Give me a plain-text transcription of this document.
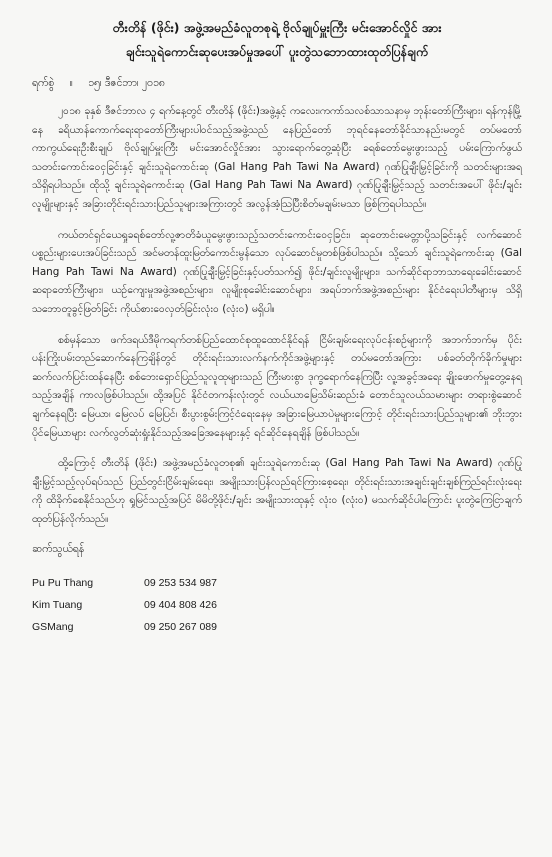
တီးတိန် (ဖိုင်း) အဖွဲ့အမည်ခံလူတစုရဲ့ ဗိုလ်ချုပ်မှူးကြီး မင်းအောင်လှိုင် အား
ချင်းသူရဲကောင်းဆုပေးအပ်မှုအပေါ် ပူးတွဲသဘောထားထုတ်ပြန်ချက်
ရက်စွဲ ။ ၁၅၊ ဒီဇင်ဘာ၊ ၂၀၁၈

၂၀၁၈ ခုနှစ် ဒီဇင်ဘာလ ၄ ရက်နေ့တွင် တီးတိန် (ဖိုင်း)အဖွဲ့နှင့် ကလေး၊ကကာ်သလစ်သာသနာမှ ဘုန်းတော်ကြီးများ၊ ရန်ကုန်မြို့နေ ခရိယာန်ကောက်ရေးရာတော်ကြီးများပါဝင်သည့်အဖွဲ့သည် နေပြည်တော် ဘုရင်နေတော်ခိုင်သာနည်းမတွင် တပ်မတော်ကာကွယ်ရေးဦးစီးချုပ် ဗိုလ်ချုပ်မှူးကြီး မင်းအောင်လှိုင်အား သွားရောက်တွေ့ဆုံပြီး ခရစ်တော်မွေးဖွားသည့် ပမ်းကြောက်ဖွယ်သတင်းကောင်းဝေငှခြင်းနှင့် ချင်းသူရဲကောင်းဆု (Gal Hang Pah Tawi Na Award) ဂုဏ်ပြုချီးမြှင့်ခြင်းကို သတင်းများအရသိရှိရပါသည်။ ထိုသို့ ချင်းသူရဲကောင်းဆု (Gal Hang Pah Tawi Na Award) ဂုဏ်ပြုချီးမြှင့်သည့် သတင်းအပေါ် ဖိုင်း/ချင်းလူမျိုးများနှင့် အခြားတိုင်းရင်းသားပြည်သူများအကြားတွင် အလွန်အံ့သြပြီးစိတ်မချမ်းမသာ ဖြစ်ကြရပါသည်။

ကယ်တင်ရှင်ယေရှုခရစ်တော်လူ့ဇာတိခံယူမွေးဖွားသည့်သတင်းကောင်းဝေငှခြင်း၊ ဆုတောင်းမေတ္တာပို့သခြင်းနှင့် လက်ဆောင်ပစ္စည်းများပေးအပ်ခြင်းသည် အင်မတန်ထူးမြတ်ကောင်းမွန်သော လုပ်ဆောင်မှုတစ်ဖြစ်ပါသည်။ သို့သော် ချင်းသူရဲကောင်းဆု (Gal Hang Pah Tawi Na Award) ဂုဏ်ပြုချီးမြှင့်ခြင်းနှင့်ပတ်သက်၍ ဖိုင်း/ချင်းလူမျိုးများ၊ သက်ဆိုင်ရာဘာသာရေးခေါင်းဆောင်ဆရာတော်ကြီးများ၊ ယဉ်ကျေးမှုအဖွဲ့အစည်းများ၊ လူမျိုးစုခေါင်းဆောင်များ၊ အရပ်ဘက်အဖွဲ့အစည်းများ နိုင်ငံရေးပါတီများမှ သိရှိသဘောတူခွင့်ဖြတ်ခြင်း ကိုယ်စားဝေလှတ်ခြင်းလုံး၀ (လုံး၀) မရှိပါ။

စစ်မှန်သော ဖက်ဒရယ်ဒီမိုကရက်တစ်ပြည်ထောင်စုထူထောင်နိုင်ရန် ငြိမ်းချမ်းရေးလုပ်ငန်းစဉ်များကို အဘက်ဘက်မှ ပိုင်းပန်းကြိုးပမ်းတည်ဆောက်နေကြချိန်တွင် တိုင်းရင်းသားလက်နက်ကိုင်အဖွဲ့များနှင့် တပ်မတော်အကြား ပစ်ခတ်တိုက်ခိုက်မှုများဆက်လက်ပြင်းထန်နေပြီး စစ်ဘေးရှောင်ပြည်သူလူထုများသည် ကြီးမားစွာ ဒုက္ခရောက်နေကြပြီး လူ့အခွင့်အရေး ချိုးဖောက်မှုတွေ့နေရသည့်အချိန် ကာလဖြစ်ပါသည်။ ထို့အပြင် နိုင်ငံတကန်းလုံးတွင် လယ်ယာမြေသိမ်းဆည်းခံ တောင်သူလယ်သမားများ တရားစွဲဆောင်ချက်နေရပြီး မြေယာ၊ မြေလပ် မြေပြင်၊ စီးပွားစွမ်းကြင့်ငံရေးနေမှ အခြားမြေယာပဲမှုများကြောင့် တိုင်းရင်းသားပြည်သူများ၏ ဘိုးဘွားပိုင်မြေယာများ လက်လွတ်ဆုံးရှုံးနိုင်သည့်အခြေအနေများနှင့် ရင်ဆိုင်နေရချိန် ဖြစ်ပါသည်။

ထို့ကြောင့် တီးတိန် (ဖိုင်း) အဖွဲ့အမည်ခံလူတစု၏ ချင်းသူရဲကောင်းဆု (Gal Hang Pah Tawi Na Award) ဂုဏ်ပြုချီးမြှင့်သည့်လုပ်ရပ်သည် ပြည်တွင်းငြိမ်းချမ်းရေး၊ အမျိုးသားပြန်လည်ရင်ကြားစေ့ရေး၊ တိုင်းရင်းသားအချင်းချင်းချစ်ကြည်ရင်းလုံးရေးကို ထိခိုက်စေနိုင်သည်ဟု ရှုမြင်သည့်အပြင် မိမိတို့ဖိုင်း/ချင်း အမျိုးသားထုနှင့် လုံး၀ (လုံး၀) မသက်ဆိုင်ပါကြောင်း ပူးတွဲကြေငြာချက် ထုတ်ပြန်လိုက်သည်။

ဆက်သွယ်ရန်
Pu Pu Thang	09 253 534 987
Kim Tuang	09 404 808 426
GSMang	09 250 267 089
